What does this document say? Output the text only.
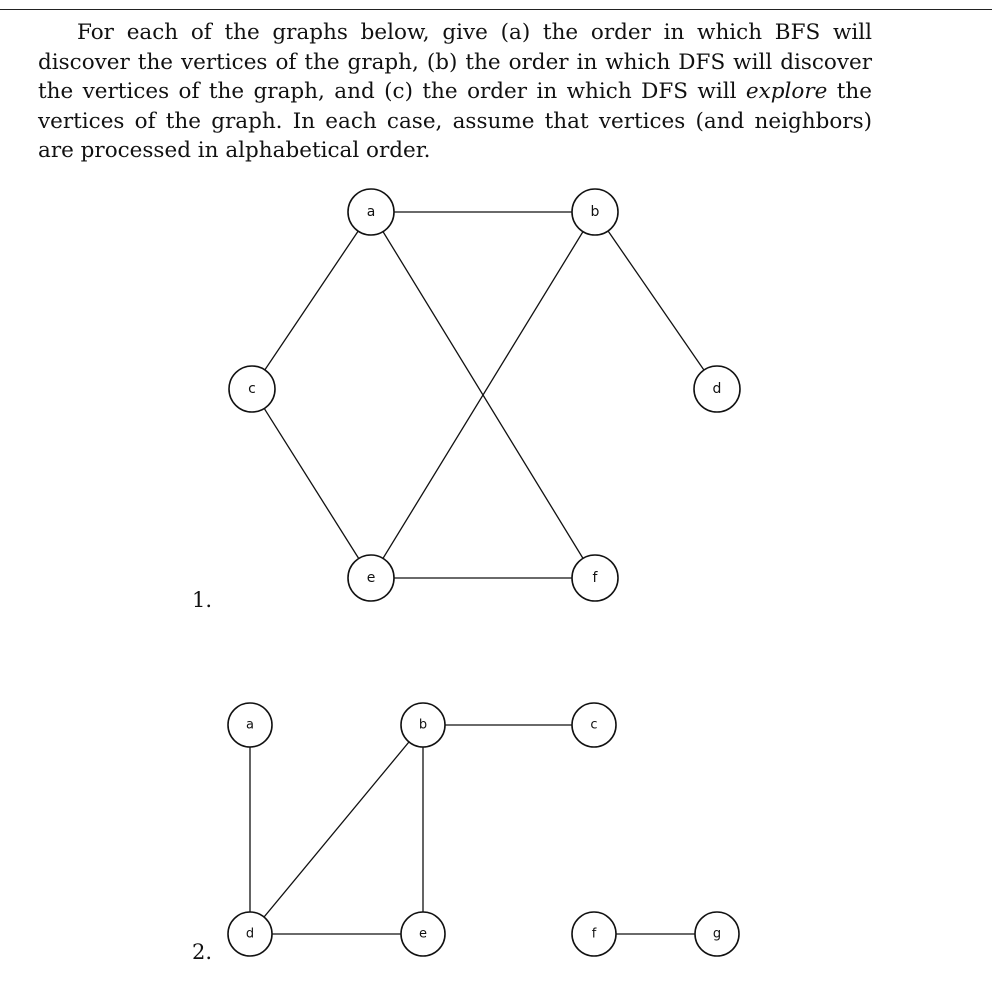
For each of the graphs below, give (a) the order in which BFS will discover the vertices of the graph, (b) the order in which DFS will discover the vertices of the graph, and (c) the order in which DFS will explore the vertices of the graph. In each case, assume that vertices (and neighbors) are processed in alphabetical order.

1.
2.
a	b
c	d
e	f
a	b	c
d	e	f	g
